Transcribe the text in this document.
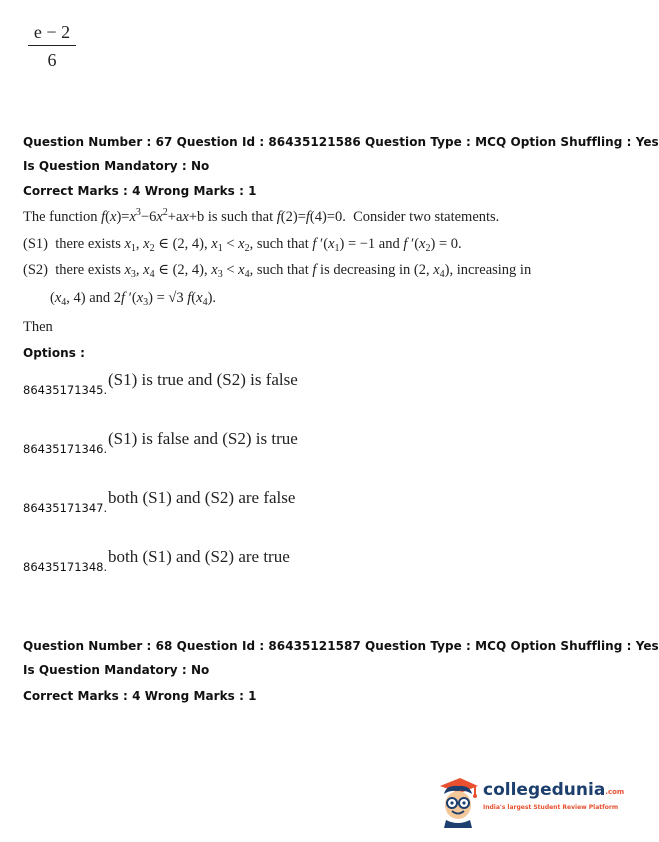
e − 2
6
Question Number : 67 Question Id : 86435121586 Question Type : MCQ Option Shuffling : Yes
Is Question Mandatory : No
Correct Marks : 4 Wrong Marks : 1
The function $f(x)=x^3-6x^2+ax+b$ is such that f(2)=f(4)=0.  Consider two statements.
(S1)  there exists $x_1$, $x_2$ ∈ (2, 4), $x_1 < x_2$, such that f $'(x_1) = -1$ and f $'(x_2) = 0$.
(S2)  there exists $x_3$, $x_4$ ∈ (2, 4), $x_3 < x_4$, such that f is decreasing in (2, $x_4$), increasing in
($x_4$, 4) and 2f $'(x_3) = √3$ $f(x_4)$.
Then
Options :
86435171345.
(S1) is true and (S2) is false
86435171346.
(S1) is false and (S2) is true
86435171347.
both (S1) and (S2) are false
86435171348.
both (S1) and (S2) are true
Question Number : 68 Question Id : 86435121587 Question Type : MCQ Option Shuffling : Yes
Is Question Mandatory : No
Correct Marks : 4 Wrong Marks : 1
collegedunia.com
India's largest Student Review Platform
